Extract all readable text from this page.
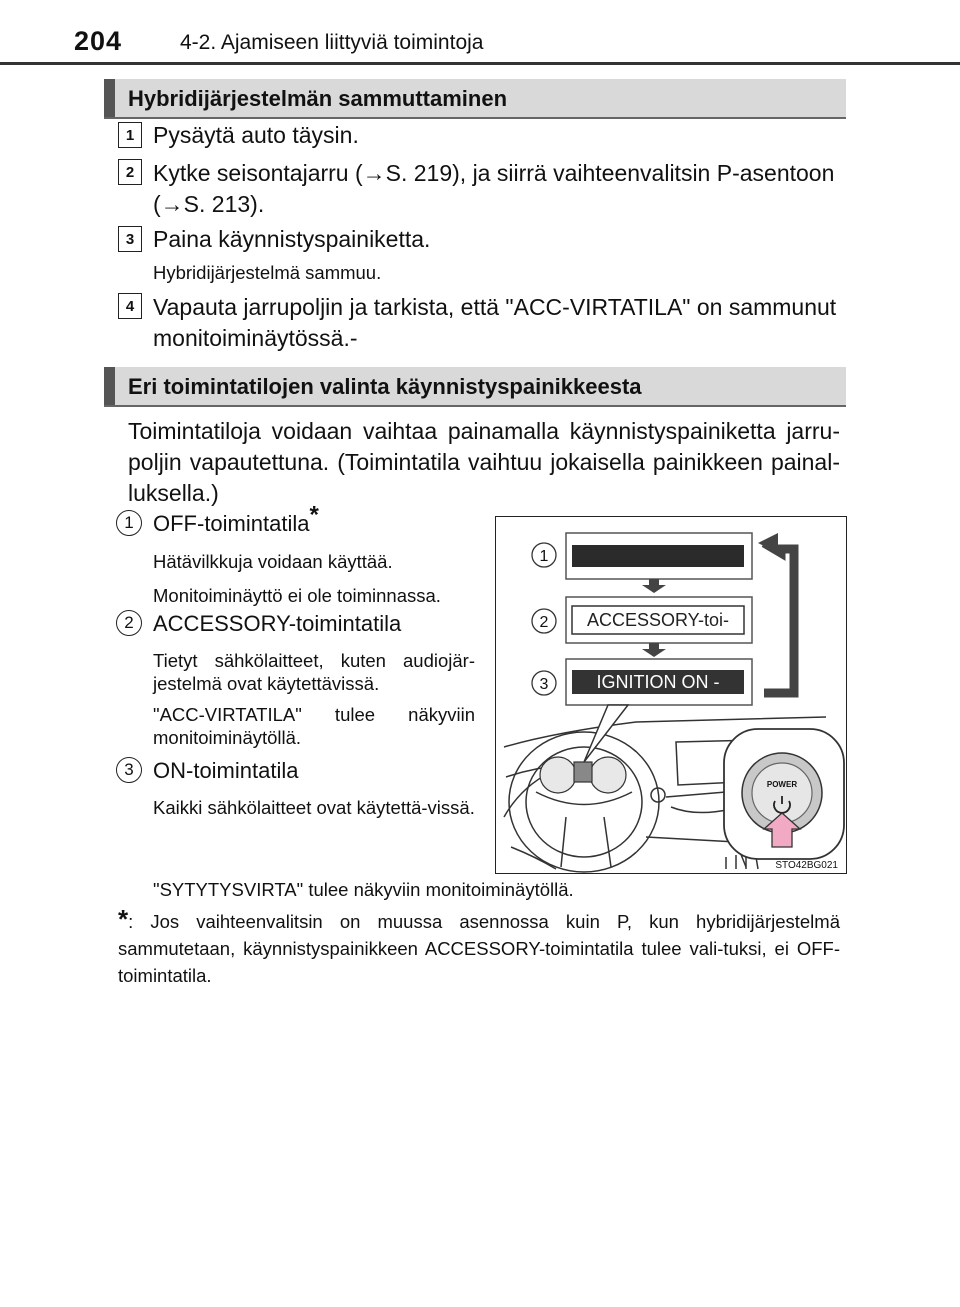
204	4-2. Ajamiseen liittyviä toimintoja
Hybridijärjestelmän sammuttaminen
1 Pysäytä auto täysin.
2 Kytke seisontajarru (→S. 219), ja siirrä vaihteenvalitsin P-asentoon (→S. 213).
3 Paina käynnistyspainiketta.
Hybridijärjestelmä sammuu.
4 Vapauta jarrupoljin ja tarkista, että "ACC-VIRTATILA" on sammunut monitoiminäytössä.-
Eri toimintatilojen valinta käynnistyspainikkeesta
Toimintatiloja voidaan vaihtaa painamalla käynnistyspainiketta jarru-poljin vapautettuna. (Toimintatila vaihtuu jokaisella painikkeen painal-luksella.)
1 OFF-toimintatila*
Hätävilkkuja voidaan käyttää.
Monitoiminäyttö ei ole toiminnassa.
2 ACCESSORY-toimintatila
Tietyt sähkölaitteet, kuten audiojär-jestelmä ovat käytettävissä.
"ACC-VIRTATILA" tulee näkyviin monitoiminäytöllä.
3 ON-toimintatila
Kaikki sähkölaitteet ovat käytettä-vissä.
"SYTYTYSVIRTA" tulee näkyviin monitoiminäytöllä.
1
2
3
ACCESSORY-toi-
IGNITION ON -
POWER
STO42BG021
*: Jos vaihteenvalitsin on muussa asennossa kuin P, kun hybridijärjestelmä sammutetaan, käynnistyspainikkeen ACCESSORY-toimintatila tulee vali-tuksi, ei OFF-toimintatila.
